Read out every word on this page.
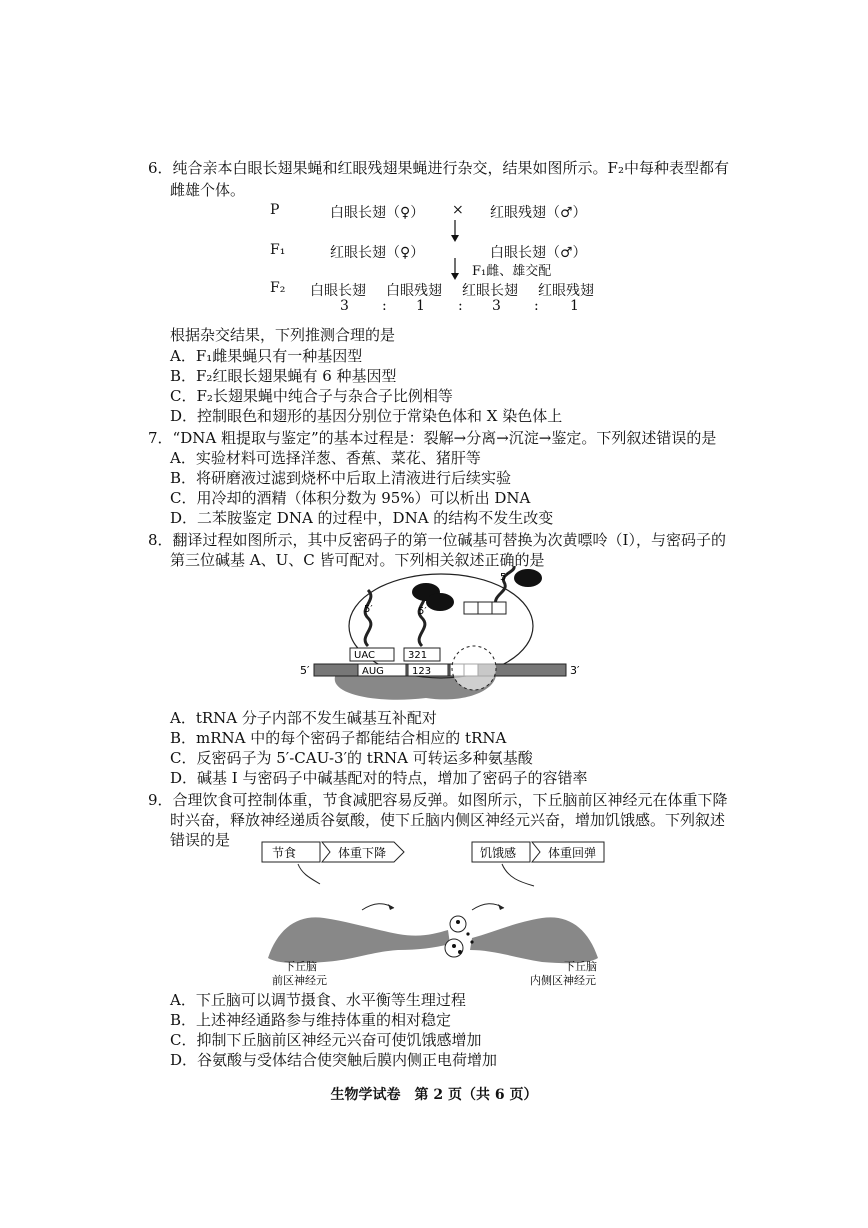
6．纯合亲本白眼长翅果蝇和红眼残翅果蝇进行杂交，结果如图所示。F₂中每种表型都有
雌雄个体。
P	白眼长翅（♀） × 红眼残翅（♂）
F₁	红眼长翅（♀）	白眼长翅（♂）
F₁雌、雄交配
F₂ 白眼长翅 白眼残翅 红眼长翅 红眼残翅
3 : 1 : 3 : 1
根据杂交结果，下列推测合理的是
A．F₁雌果蝇只有一种基因型
B．F₂红眼长翅果蝇有 6 种基因型
C．F₂长翅果蝇中纯合子与杂合子比例相等
D．控制眼色和翅形的基因分别位于常染色体和 X 染色体上
7．“DNA 粗提取与鉴定”的基本过程是：裂解→分离→沉淀→鉴定。下列叙述错误的是
A．实验材料可选择洋葱、香蕉、菜花、猪肝等
B．将研磨液过滤到烧杯中后取上清液进行后续实验
C．用冷却的酒精（体积分数为 95%）可以析出 DNA
D．二苯胺鉴定 DNA 的过程中，DNA 的结构不发生改变
8．翻译过程如图所示，其中反密码子的第一位碱基可替换为次黄嘌呤（I），与密码子的
第三位碱基 A、U、C 皆可配对。下列相关叙述正确的是
5′	3′
AUG	123
UAC	321
5′	5′
5′
A．tRNA 分子内部不发生碱基互补配对
B．mRNA 中的每个密码子都能结合相应的 tRNA
C．反密码子为 5′-CAU-3′的 tRNA 可转运多种氨基酸
D．碱基 I 与密码子中碱基配对的特点，增加了密码子的容错率
9．合理饮食可控制体重，节食减肥容易反弹。如图所示，下丘脑前区神经元在体重下降
时兴奋，释放神经递质谷氨酸，使下丘脑内侧区神经元兴奋，增加饥饿感。下列叙述
错误的是
节食	体重下降	饥饿感	体重回弹
下丘脑
前区神经元
下丘脑
内侧区神经元
A．下丘脑可以调节摄食、水平衡等生理过程
B．上述神经通路参与维持体重的相对稳定
C．抑制下丘脑前区神经元兴奋可使饥饿感增加
D．谷氨酸与受体结合使突触后膜内侧正电荷增加
生物学试卷　第 2 页（共 6 页）
